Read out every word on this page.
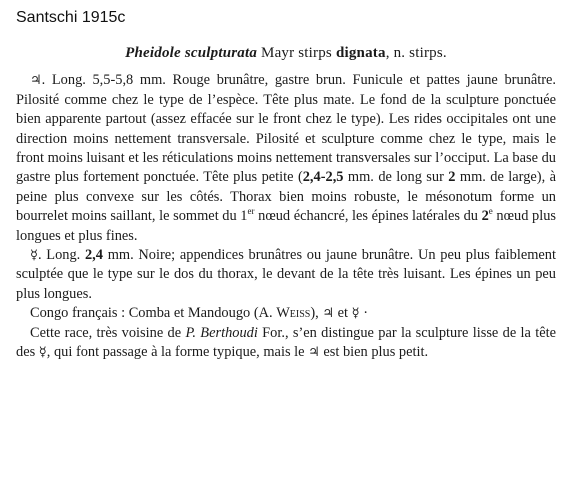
Santschi 1915c
Pheidole sculpturata Mayr stirps dignata, n. stirps.

♃. Long. 5,5-5,8 mm. Rouge brunâtre, gastre brun. Funicule et pattes jaune brunâtre. Pilosité comme chez le type de l’espèce. Tête plus mate. Le fond de la sculpture ponctuée bien apparente partout (assez effacée sur le front chez le type). Les rides occipitales ont une direction moins nettement transversale. Pilosité et sculpture comme chez le type, mais le front moins luisant et les réticulations moins nettement transversales sur l’occiput. La base du gastre plus fortement ponctuée. Tête plus petite (2,4-2,5 mm. de long sur 2 mm. de large), à peine plus convexe sur les côtés. Thorax bien moins robuste, le mésonotum forme un bourrelet moins saillant, le sommet du 1er nœud échancré, les épines latérales du 2e nœud plus longues et plus fines.

☿. Long. 2,4 mm. Noire; appendices brunâtres ou jaune brunâtre. Un peu plus faiblement sculptée que le type sur le dos du thorax, le devant de la tête très luisant. Les épines un peu plus longues.

Congo français : Comba et Mandougo (A. Weiss), ♃ et ☿ ·

Cette race, très voisine de P. Berthoudi For., s’en distingue par la sculpture lisse de la tête des ☿, qui font passage à la forme typique, mais le ♃ est bien plus petit.
